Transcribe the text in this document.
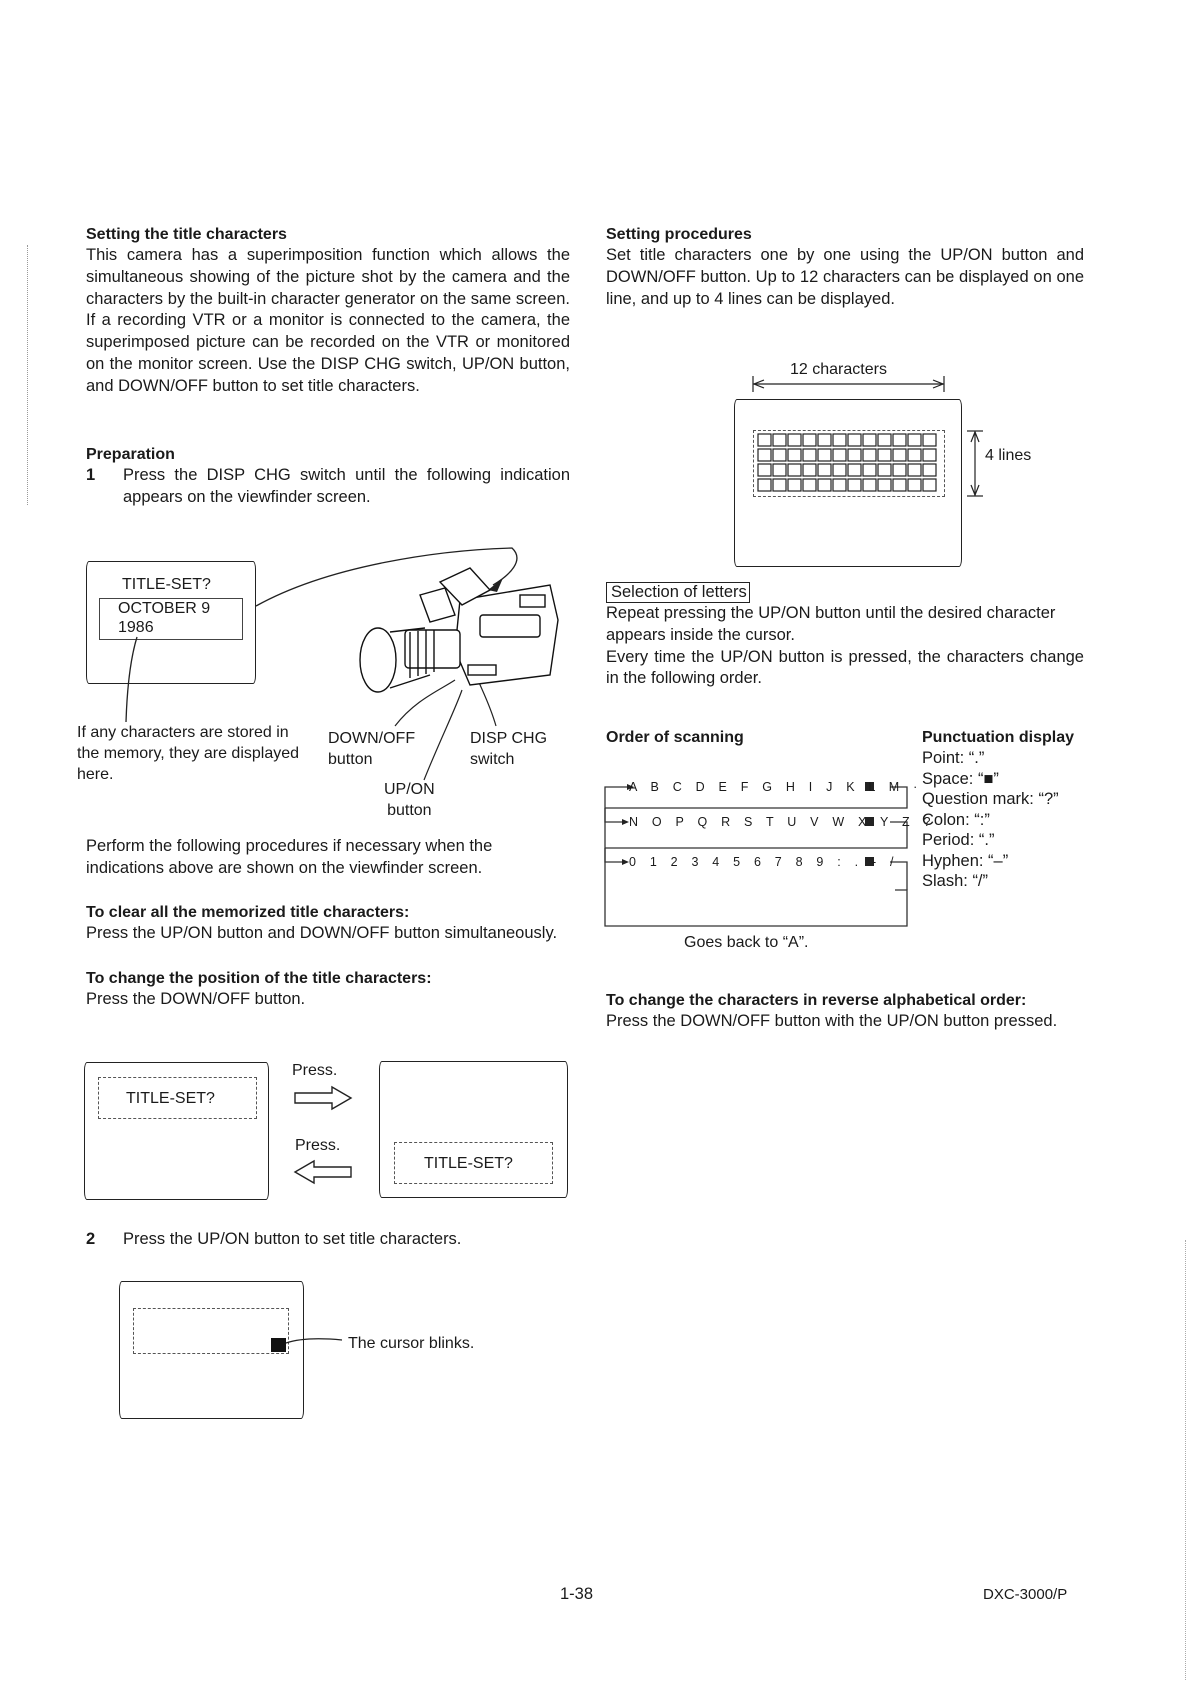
Setting the title characters
This camera has a superimposition function which allows the simultaneous showing of the picture shot by the camera and the characters by the built-in character generator on the same screen. If a recording VTR or a monitor is connected to the camera, the superimposed picture can be recorded on the VTR or monitored on the monitor screen. Use the DISP CHG switch, UP/ON button, and DOWN/OFF button to set title characters.
Preparation
1 Press the DISP CHG switch until the following indication appears on the viewfinder screen.
TITLE-SET?
OCTOBER 9
1986
If any characters are stored in the memory, they are displayed here.
DOWN/OFF
button
DISP CHG
switch
UP/ON
button
Perform the following procedures if necessary when the indications above are shown on the viewfinder screen.
To clear all the memorized title characters:
Press the UP/ON button and DOWN/OFF button simultaneously.
To change the position of the title characters:
Press the DOWN/OFF button.
TITLE-SET?
Press.
Press.
TITLE-SET?
2 Press the UP/ON button to set title characters.
The cursor blinks.
Setting procedures
Set title characters one by one using the UP/ON button and DOWN/OFF button. Up to 12 characters can be displayed on one line, and up to 4 lines can be displayed.
12 characters
4 lines
Selection of letters
Repeat pressing the UP/ON button until the desired character appears inside the cursor.
Every time the UP/ON button is pressed, the characters change in the following order.
Order of scanning
A B C D E F G H I J K L M ·
N O P Q R S T U V W X Y Z ?
0 1 2 3 4 5 6 7 8 9 : . - /
Goes back to “A”.
Punctuation display
Point: “.”
Space: “■”
Question mark: “?”
Colon: “:”
Period: “.”
Hyphen: “–”
Slash: “/”
To change the characters in reverse alphabetical order:
Press the DOWN/OFF button with the UP/ON button pressed.
1-38	DXC-3000/P
